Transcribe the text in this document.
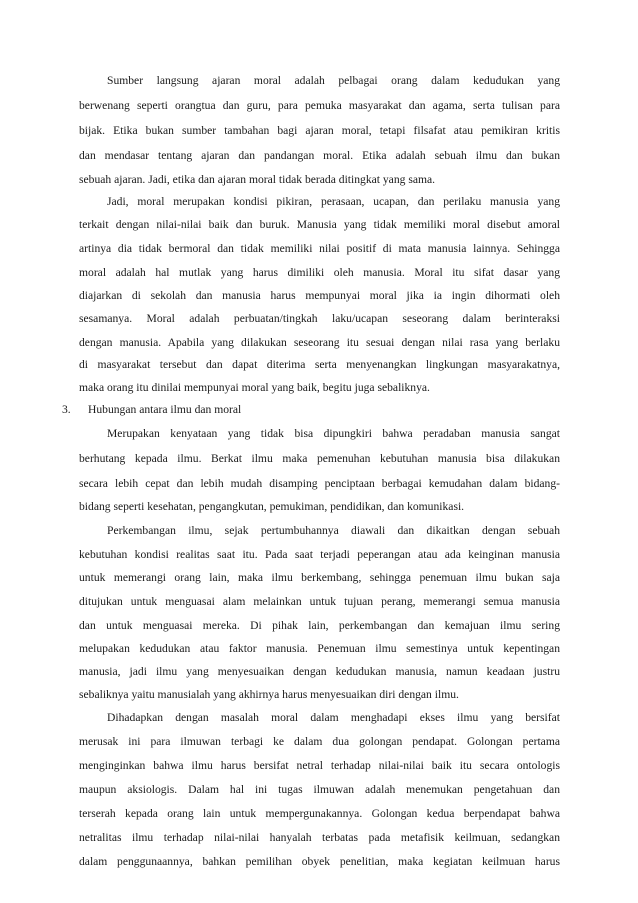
Sumber langsung ajaran moral adalah pelbagai orang dalam kedudukan yang
berwenang seperti orangtua dan guru, para pemuka masyarakat dan agama, serta tulisan para
bijak. Etika bukan sumber tambahan bagi ajaran moral, tetapi filsafat atau pemikiran kritis
dan mendasar tentang ajaran dan pandangan moral. Etika adalah sebuah ilmu dan bukan
sebuah ajaran. Jadi, etika dan ajaran moral tidak berada ditingkat yang sama.
Jadi, moral merupakan kondisi pikiran, perasaan, ucapan, dan perilaku manusia yang
terkait dengan nilai-nilai baik dan buruk. Manusia yang tidak memiliki moral disebut amoral
artinya dia tidak bermoral dan tidak memiliki nilai positif di mata manusia lainnya. Sehingga
moral adalah hal mutlak yang harus dimiliki oleh manusia. Moral itu sifat dasar yang
diajarkan di sekolah dan manusia harus mempunyai moral jika ia ingin dihormati oleh
sesamanya. Moral adalah perbuatan/tingkah laku/ucapan seseorang dalam berinteraksi
dengan manusia. Apabila yang dilakukan seseorang itu sesuai dengan nilai rasa yang berlaku
di masyarakat tersebut dan dapat diterima serta menyenangkan lingkungan masyarakatnya,
maka orang itu dinilai mempunyai moral yang baik, begitu juga sebaliknya.
3. Hubungan antara ilmu dan moral
Merupakan kenyataan yang tidak bisa dipungkiri bahwa peradaban manusia sangat
berhutang kepada ilmu. Berkat ilmu maka pemenuhan kebutuhan manusia bisa dilakukan
secara lebih cepat dan lebih mudah disamping penciptaan berbagai kemudahan dalam bidang-
bidang seperti kesehatan, pengangkutan, pemukiman, pendidikan, dan komunikasi.
Perkembangan ilmu, sejak pertumbuhannya diawali dan dikaitkan dengan sebuah
kebutuhan kondisi realitas saat itu. Pada saat terjadi peperangan atau ada keinginan manusia
untuk memerangi orang lain, maka ilmu berkembang, sehingga penemuan ilmu bukan saja
ditujukan untuk menguasai alam melainkan untuk tujuan perang, memerangi semua manusia
dan untuk menguasai mereka. Di pihak lain, perkembangan dan kemajuan ilmu sering
melupakan kedudukan atau faktor manusia. Penemuan ilmu semestinya untuk kepentingan
manusia, jadi ilmu yang menyesuaikan dengan kedudukan manusia, namun keadaan justru
sebaliknya yaitu manusialah yang akhirnya harus menyesuaikan diri dengan ilmu.
Dihadapkan dengan masalah moral dalam menghadapi ekses ilmu yang bersifat
merusak ini para ilmuwan terbagi ke dalam dua golongan pendapat. Golongan pertama
menginginkan bahwa ilmu harus bersifat netral terhadap nilai-nilai baik itu secara ontologis
maupun aksiologis. Dalam hal ini tugas ilmuwan adalah menemukan pengetahuan dan
terserah kepada orang lain untuk mempergunakannya. Golongan kedua berpendapat bahwa
netralitas ilmu terhadap nilai-nilai hanyalah terbatas pada metafisik keilmuan, sedangkan
dalam penggunaannya, bahkan pemilihan obyek penelitian, maka kegiatan keilmuan harus
